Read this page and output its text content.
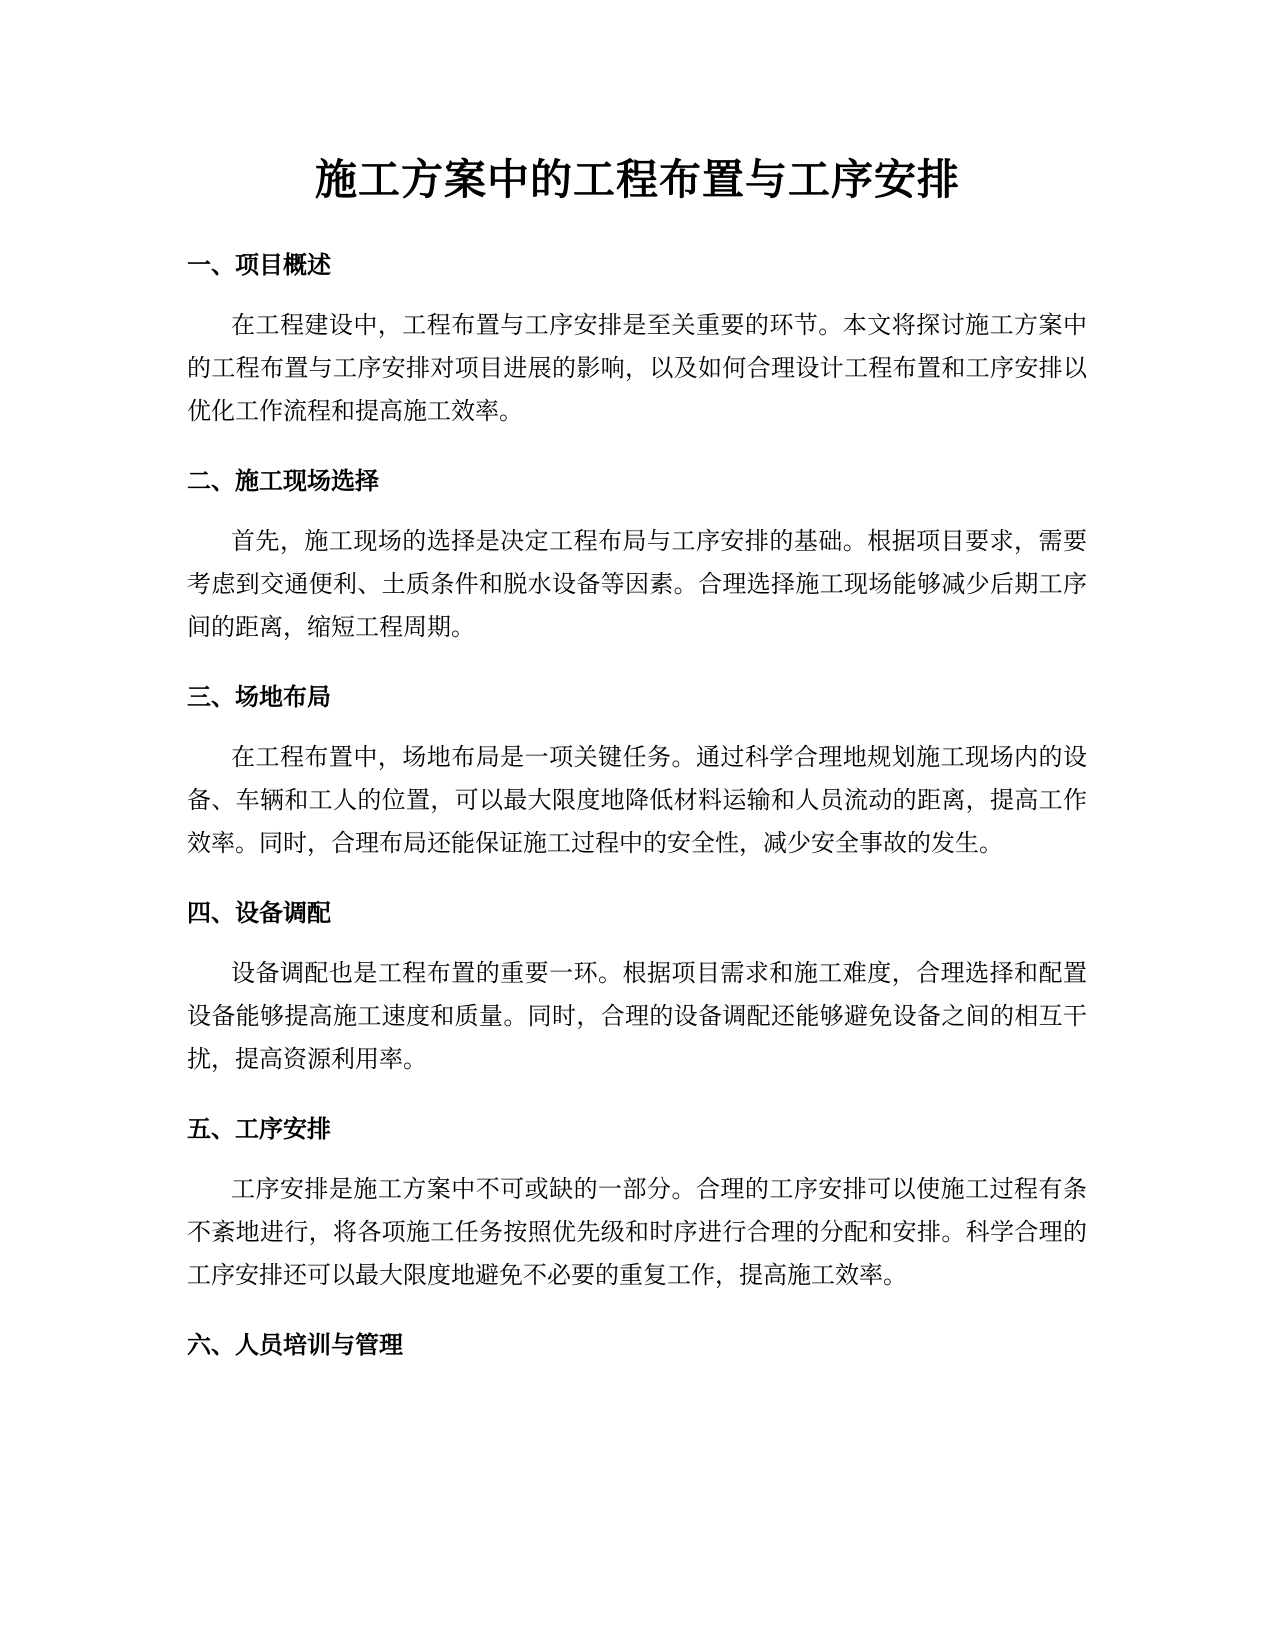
施工方案中的工程布置与工序安排
一、项目概述

在工程建设中，工程布置与工序安排是至关重要的环节。本文将探讨施工方案中的工程布置与工序安排对项目进展的影响，以及如何合理设计工程布置和工序安排以优化工作流程和提高施工效率。

二、施工现场选择

首先，施工现场的选择是决定工程布局与工序安排的基础。根据项目要求，需要考虑到交通便利、土质条件和脱水设备等因素。合理选择施工现场能够减少后期工序间的距离，缩短工程周期。

三、场地布局

在工程布置中，场地布局是一项关键任务。通过科学合理地规划施工现场内的设备、车辆和工人的位置，可以最大限度地降低材料运输和人员流动的距离，提高工作效率。同时，合理布局还能保证施工过程中的安全性，减少安全事故的发生。

四、设备调配

设备调配也是工程布置的重要一环。根据项目需求和施工难度，合理选择和配置设备能够提高施工速度和质量。同时，合理的设备调配还能够避免设备之间的相互干扰，提高资源利用率。

五、工序安排

工序安排是施工方案中不可或缺的一部分。合理的工序安排可以使施工过程有条不紊地进行，将各项施工任务按照优先级和时序进行合理的分配和安排。科学合理的工序安排还可以最大限度地避免不必要的重复工作，提高施工效率。

六、人员培训与管理
